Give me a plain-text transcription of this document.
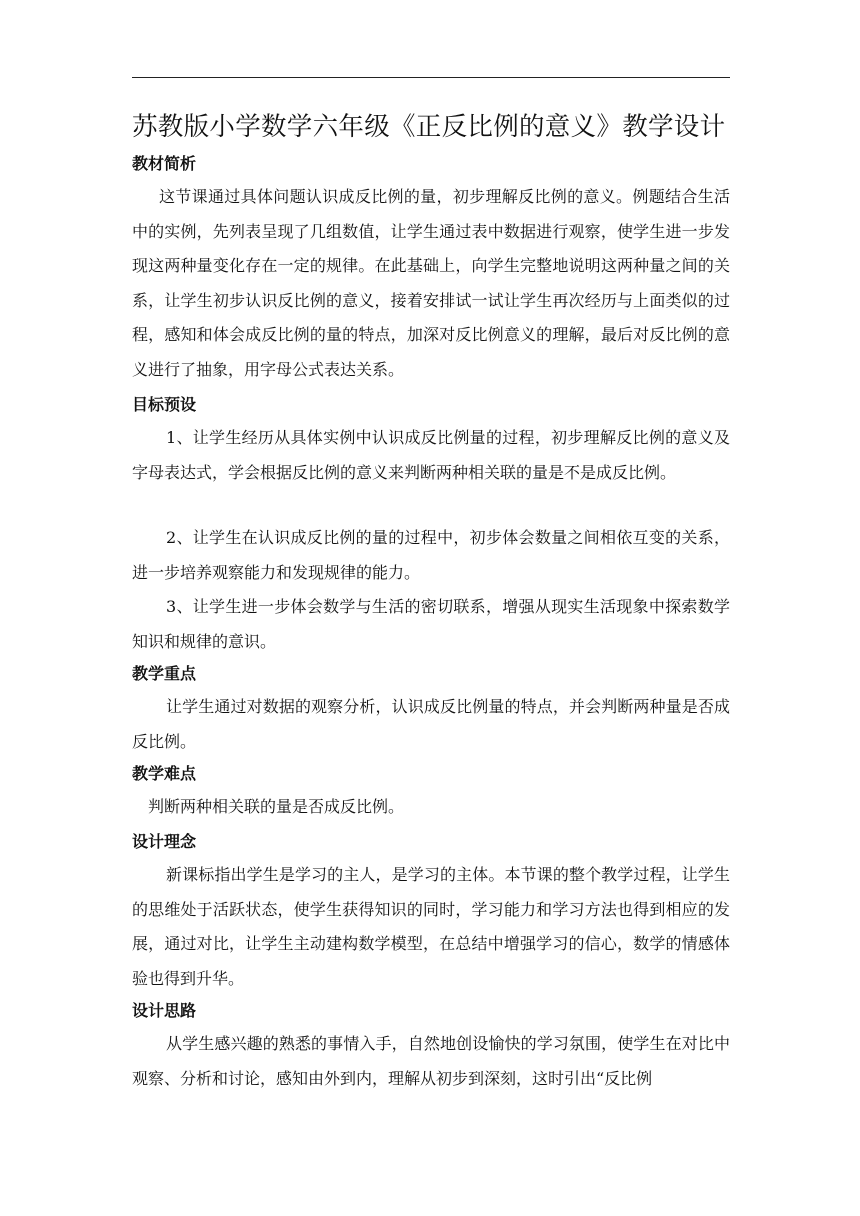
苏教版小学数学六年级《正反比例的意义》教学设计
教材简析

这节课通过具体问题认识成反比例的量，初步理解反比例的意义。例题结合生活中的实例，先列表呈现了几组数值，让学生通过表中数据进行观察，使学生进一步发现这两种量变化存在一定的规律。在此基础上，向学生完整地说明这两种量之间的关系，让学生初步认识反比例的意义，接着安排试一试让学生再次经历与上面类似的过程，感知和体会成反比例的量的特点，加深对反比例意义的理解，最后对反比例的意义进行了抽象，用字母公式表达关系。

目标预设

1、让学生经历从具体实例中认识成反比例量的过程，初步理解反比例的意义及字母表达式，学会根据反比例的意义来判断两种相关联的量是不是成反比例。

2、让学生在认识成反比例的量的过程中，初步体会数量之间相依互变的关系，进一步培养观察能力和发现规律的能力。

3、让学生进一步体会数学与生活的密切联系，增强从现实生活现象中探索数学知识和规律的意识。

教学重点

让学生通过对数据的观察分析，认识成反比例量的特点，并会判断两种量是否成反比例。

教学难点

判断两种相关联的量是否成反比例。

设计理念

新课标指出学生是学习的主人，是学习的主体。本节课的整个教学过程，让学生的思维处于活跃状态，使学生获得知识的同时，学习能力和学习方法也得到相应的发展，通过对比，让学生主动建构数学模型，在总结中增强学习的信心，数学的情感体验也得到升华。

设计思路

从学生感兴趣的熟悉的事情入手，自然地创设愉快的学习氛围，使学生在对比中观察、分析和讨论，感知由外到内，理解从初步到深刻，这时引出“反比例
